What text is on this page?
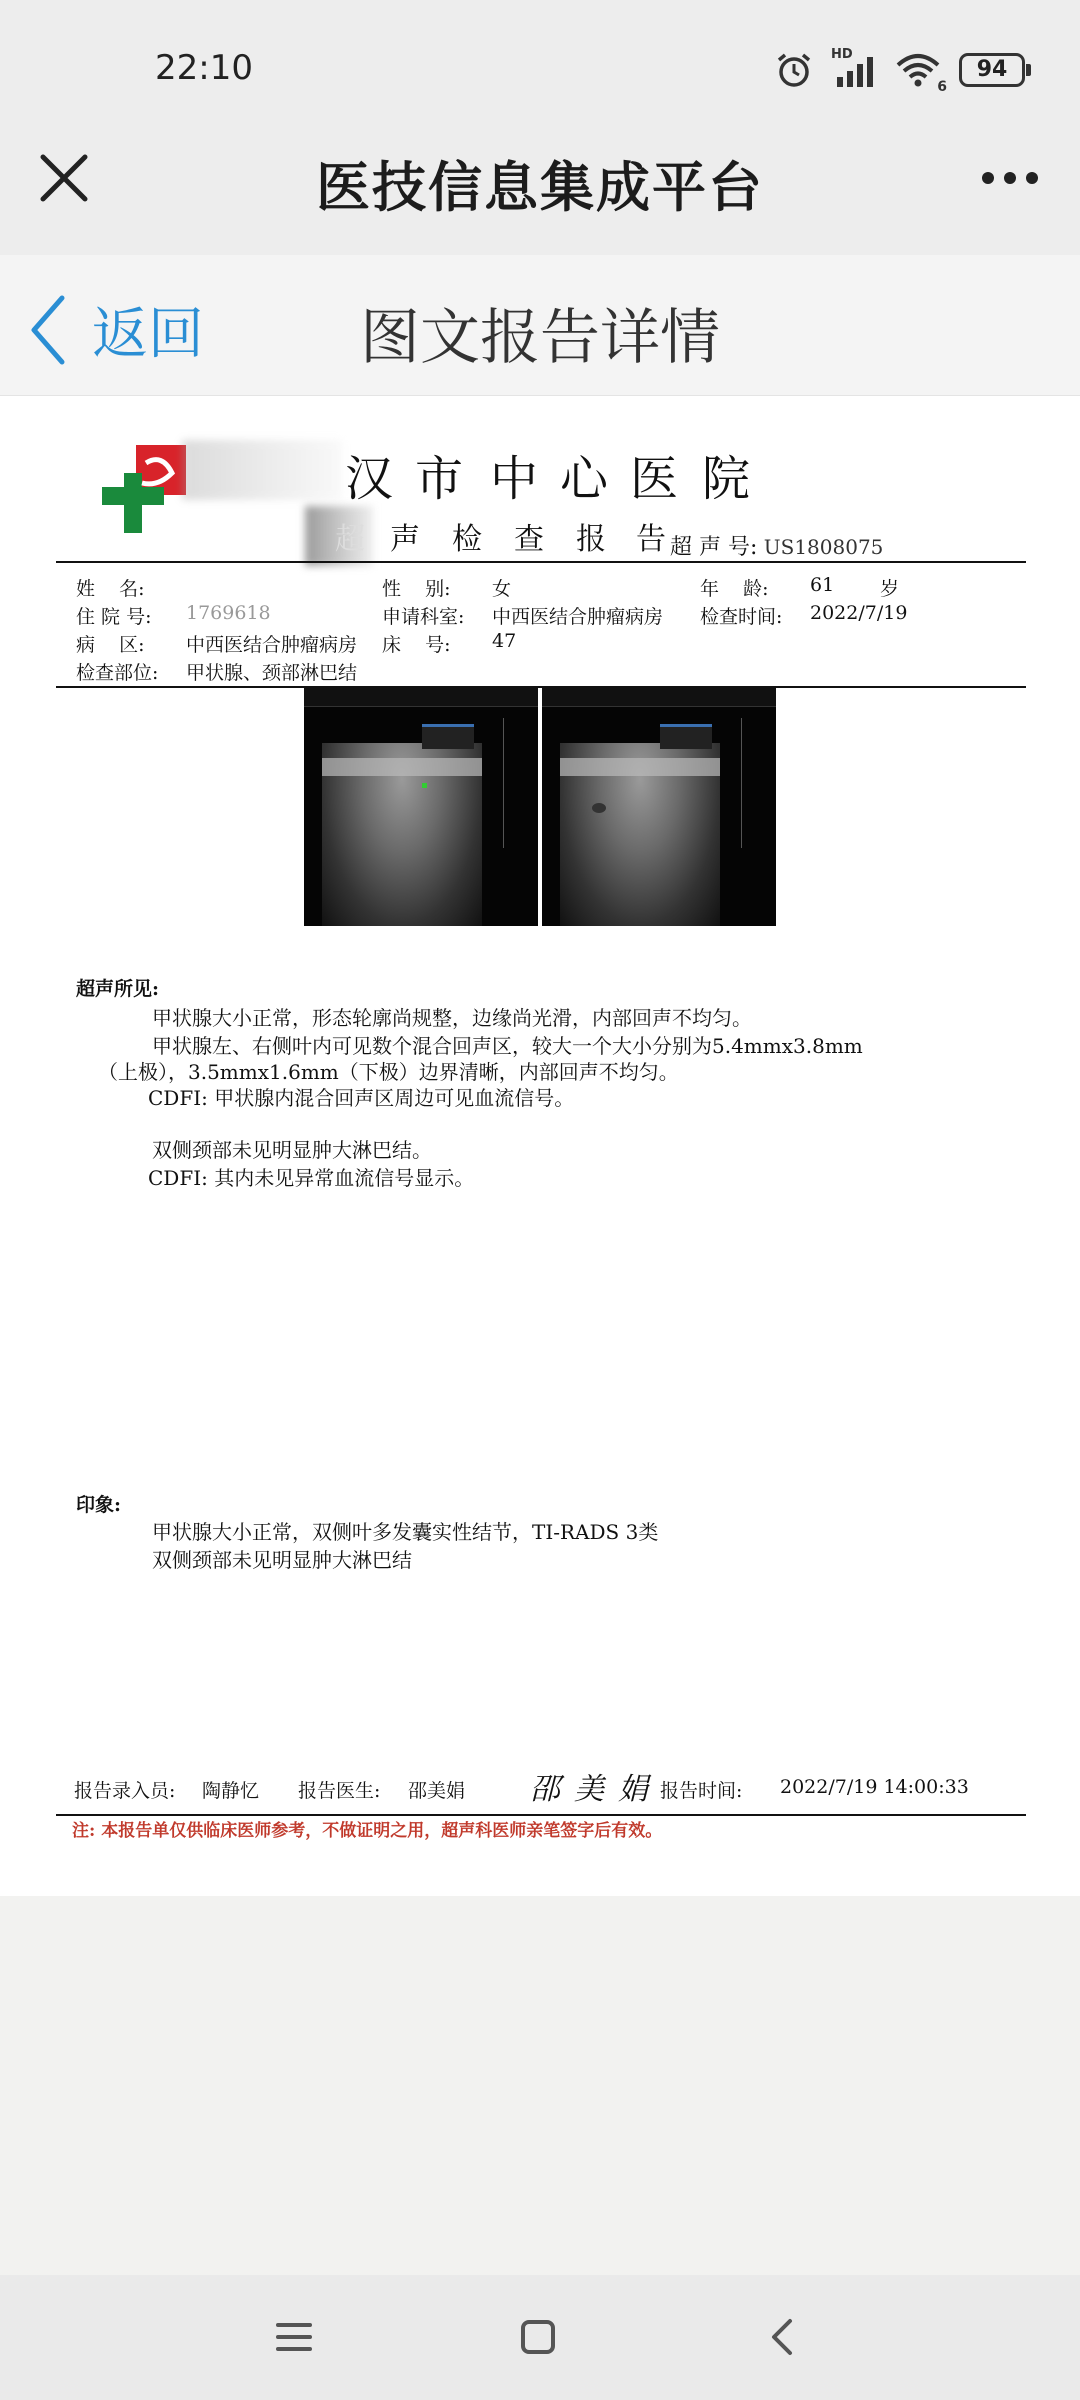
22:10	HD
6
94
医技信息集成平台
返回	图文报告详情
汉 市 中 心 医 院
超 声 检 查 报 告 超 声 号: US1808075
姓    名:	性    别: 女	年    龄: 61 岁
住 院 号: 1769618	申请科室: 中西医结合肿瘤病房 检查时间: 2022/7/19
病    区: 中西医结合肿瘤病房 床    号: 47
检查部位: 甲状腺、颈部淋巴结
超声所见:
甲状腺大小正常，形态轮廓尚规整，边缘尚光滑，内部回声不均匀。
甲状腺左、右侧叶内可见数个混合回声区，较大一个大小分别为5.4mmx3.8mm
（上极），3.5mmx1.6mm（下极）边界清晰，内部回声不均匀。
CDFI: 甲状腺内混合回声区周边可见血流信号。
双侧颈部未见明显肿大淋巴结。
CDFI: 其内未见异常血流信号显示。
印象:
甲状腺大小正常，双侧叶多发囊实性结节，TI-RADS 3类
双侧颈部未见明显肿大淋巴结
报告录入员: 陶静忆 报告医生: 邵美娟 邵美娟
报告时间: 2022/7/19 14:00:33
注: 本报告单仅供临床医师参考，不做证明之用，超声科医师亲笔签字后有效。
